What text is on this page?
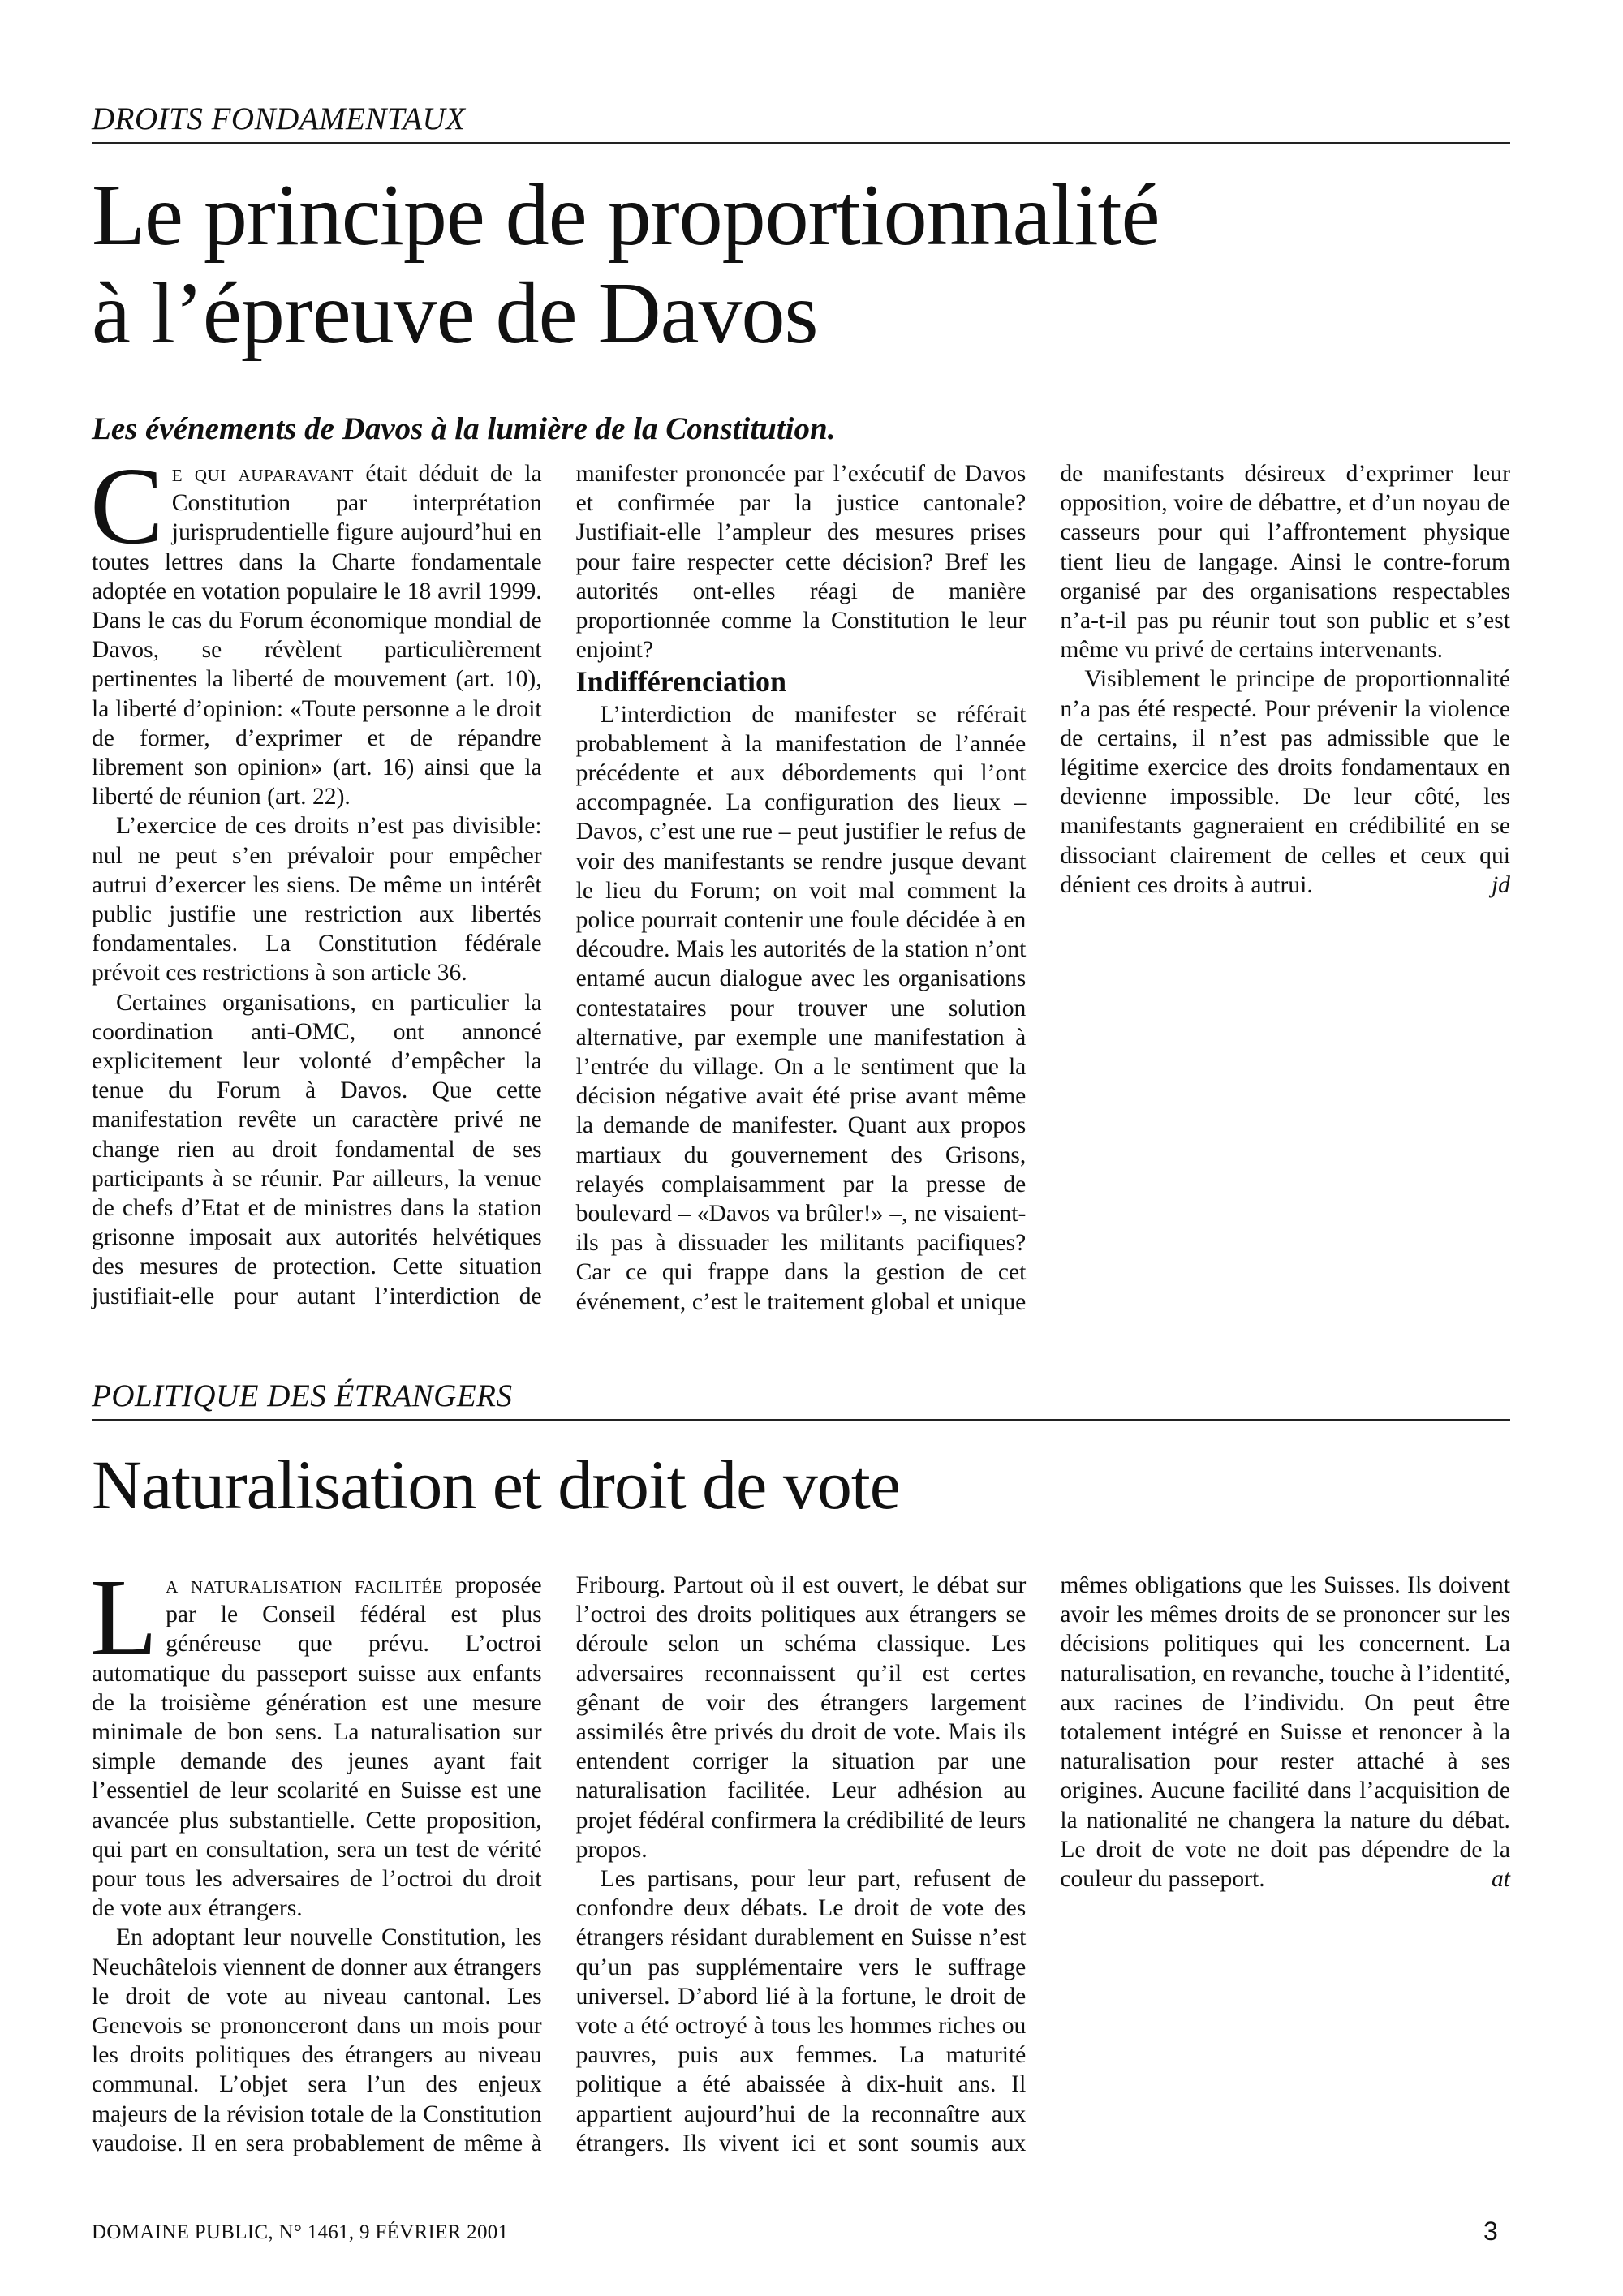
DROITS FONDAMENTAUX
Le principe de proportionnalité
à l’épreuve de Davos

Les événements de Davos à la lumière de la Constitution.

Ce qui auparavant était déduit de la Constitution par interprétation jurisprudentielle figure aujourd’hui en toutes lettres dans la Charte fondamentale adoptée en votation populaire le 18 avril 1999. Dans le cas du Forum économique mondial de Davos, se révèlent particulièrement pertinentes la liberté de mouvement (art. 10), la liberté d’opinion: «Toute personne a le droit de former, d’exprimer et de répandre librement son opinion» (art. 16) ainsi que la liberté de réunion (art. 22).

L’exercice de ces droits n’est pas divisible: nul ne peut s’en prévaloir pour empêcher autrui d’exercer les siens. De même un intérêt public justifie une restriction aux libertés fondamentales. La Constitution fédérale prévoit ces restrictions à son article 36.

Certaines organisations, en particulier la coordination anti-OMC, ont annoncé explicitement leur volonté d’empêcher la tenue du Forum à Davos. Que cette manifestation revête un caractère privé ne change rien au droit fondamental de ses participants à se réunir. Par ailleurs, la venue de chefs d’Etat et de ministres dans la station grisonne imposait aux autorités helvétiques des mesures de protection. Cette situation justifiait-elle pour autant l’interdiction de manifester prononcée par l’exécutif de Davos et confirmée par la justice cantonale? Justifiait-elle l’ampleur des mesures prises pour faire respecter cette décision? Bref les autorités ont-elles réagi de manière proportionnée comme la Constitution le leur enjoint?

Indifférenciation

L’interdiction de manifester se référait probablement à la manifestation de l’année précédente et aux débordements qui l’ont accompagnée. La configuration des lieux – Davos, c’est une rue – peut justifier le refus de voir des manifestants se rendre jusque devant le lieu du Forum; on voit mal comment la police pourrait contenir une foule décidée à en découdre. Mais les autorités de la station n’ont entamé aucun dialogue avec les organisations contestataires pour trouver une solution alternative, par exemple une manifestation à l’entrée du village. On a le sentiment que la décision négative avait été prise avant même la demande de manifester. Quant aux propos martiaux du gouvernement des Grisons, relayés complaisamment par la presse de boulevard – «Davos va brûler!» –, ne visaient-ils pas à dissuader les militants pacifiques? Car ce qui frappe dans la gestion de cet événement, c’est le traitement global et unique de manifestants désireux d’exprimer leur opposition, voire de débattre, et d’un noyau de casseurs pour qui l’affrontement physique tient lieu de langage. Ainsi le contre-forum organisé par des organisations respectables n’a-t-il pas pu réunir tout son public et s’est même vu privé de certains intervenants.

Visiblement le principe de proportionnalité n’a pas été respecté. Pour prévenir la violence de certains, il n’est pas admissible que le légitime exercice des droits fondamentaux en devienne impossible. De leur côté, les manifestants gagneraient en crédibilité en se dissociant clairement de celles et ceux qui dénient ces droits à autrui.	jd

POLITIQUE DES ÉTRANGERS
Naturalisation et droit de vote

La naturalisation facilitée proposée par le Conseil fédéral est plus généreuse que prévu. L’octroi automatique du passeport suisse aux enfants de la troisième génération est une mesure minimale de bon sens. La naturalisation sur simple demande des jeunes ayant fait l’essentiel de leur scolarité en Suisse est une avancée plus substantielle. Cette proposition, qui part en consultation, sera un test de vérité pour tous les adversaires de l’octroi du droit de vote aux étrangers.

En adoptant leur nouvelle Constitution, les Neuchâtelois viennent de donner aux étrangers le droit de vote au niveau cantonal. Les Genevois se prononceront dans un mois pour les droits politiques des étrangers au niveau communal. L’objet sera l’un des enjeux majeurs de la révision totale de la Constitution vaudoise. Il en sera probablement de même à Fribourg. Partout où il est ouvert, le débat sur l’octroi des droits politiques aux étrangers se déroule selon un schéma classique. Les adversaires reconnaissent qu’il est certes gênant de voir des étrangers largement assimilés être privés du droit de vote. Mais ils entendent corriger la situation par une naturalisation facilitée. Leur adhésion au projet fédéral confirmera la crédibilité de leurs propos.

Les partisans, pour leur part, refusent de confondre deux débats. Le droit de vote des étrangers résidant durablement en Suisse n’est qu’un pas supplémentaire vers le suffrage universel. D’abord lié à la fortune, le droit de vote a été octroyé à tous les hommes riches ou pauvres, puis aux femmes. La maturité politique a été abaissée à dix-huit ans. Il appartient aujourd’hui de la reconnaître aux étrangers. Ils vivent ici et sont soumis aux mêmes obligations que les Suisses. Ils doivent avoir les mêmes droits de se prononcer sur les décisions politiques qui les concernent. La naturalisation, en revanche, touche à l’identité, aux racines de l’individu. On peut être totalement intégré en Suisse et renoncer à la naturalisation pour rester attaché à ses origines. Aucune facilité dans l’acquisition de la nationalité ne changera la nature du débat. Le droit de vote ne doit pas dépendre de la couleur du passeport.	at

DOMAINE PUBLIC, N° 1461, 9 FÉVRIER 2001	3
